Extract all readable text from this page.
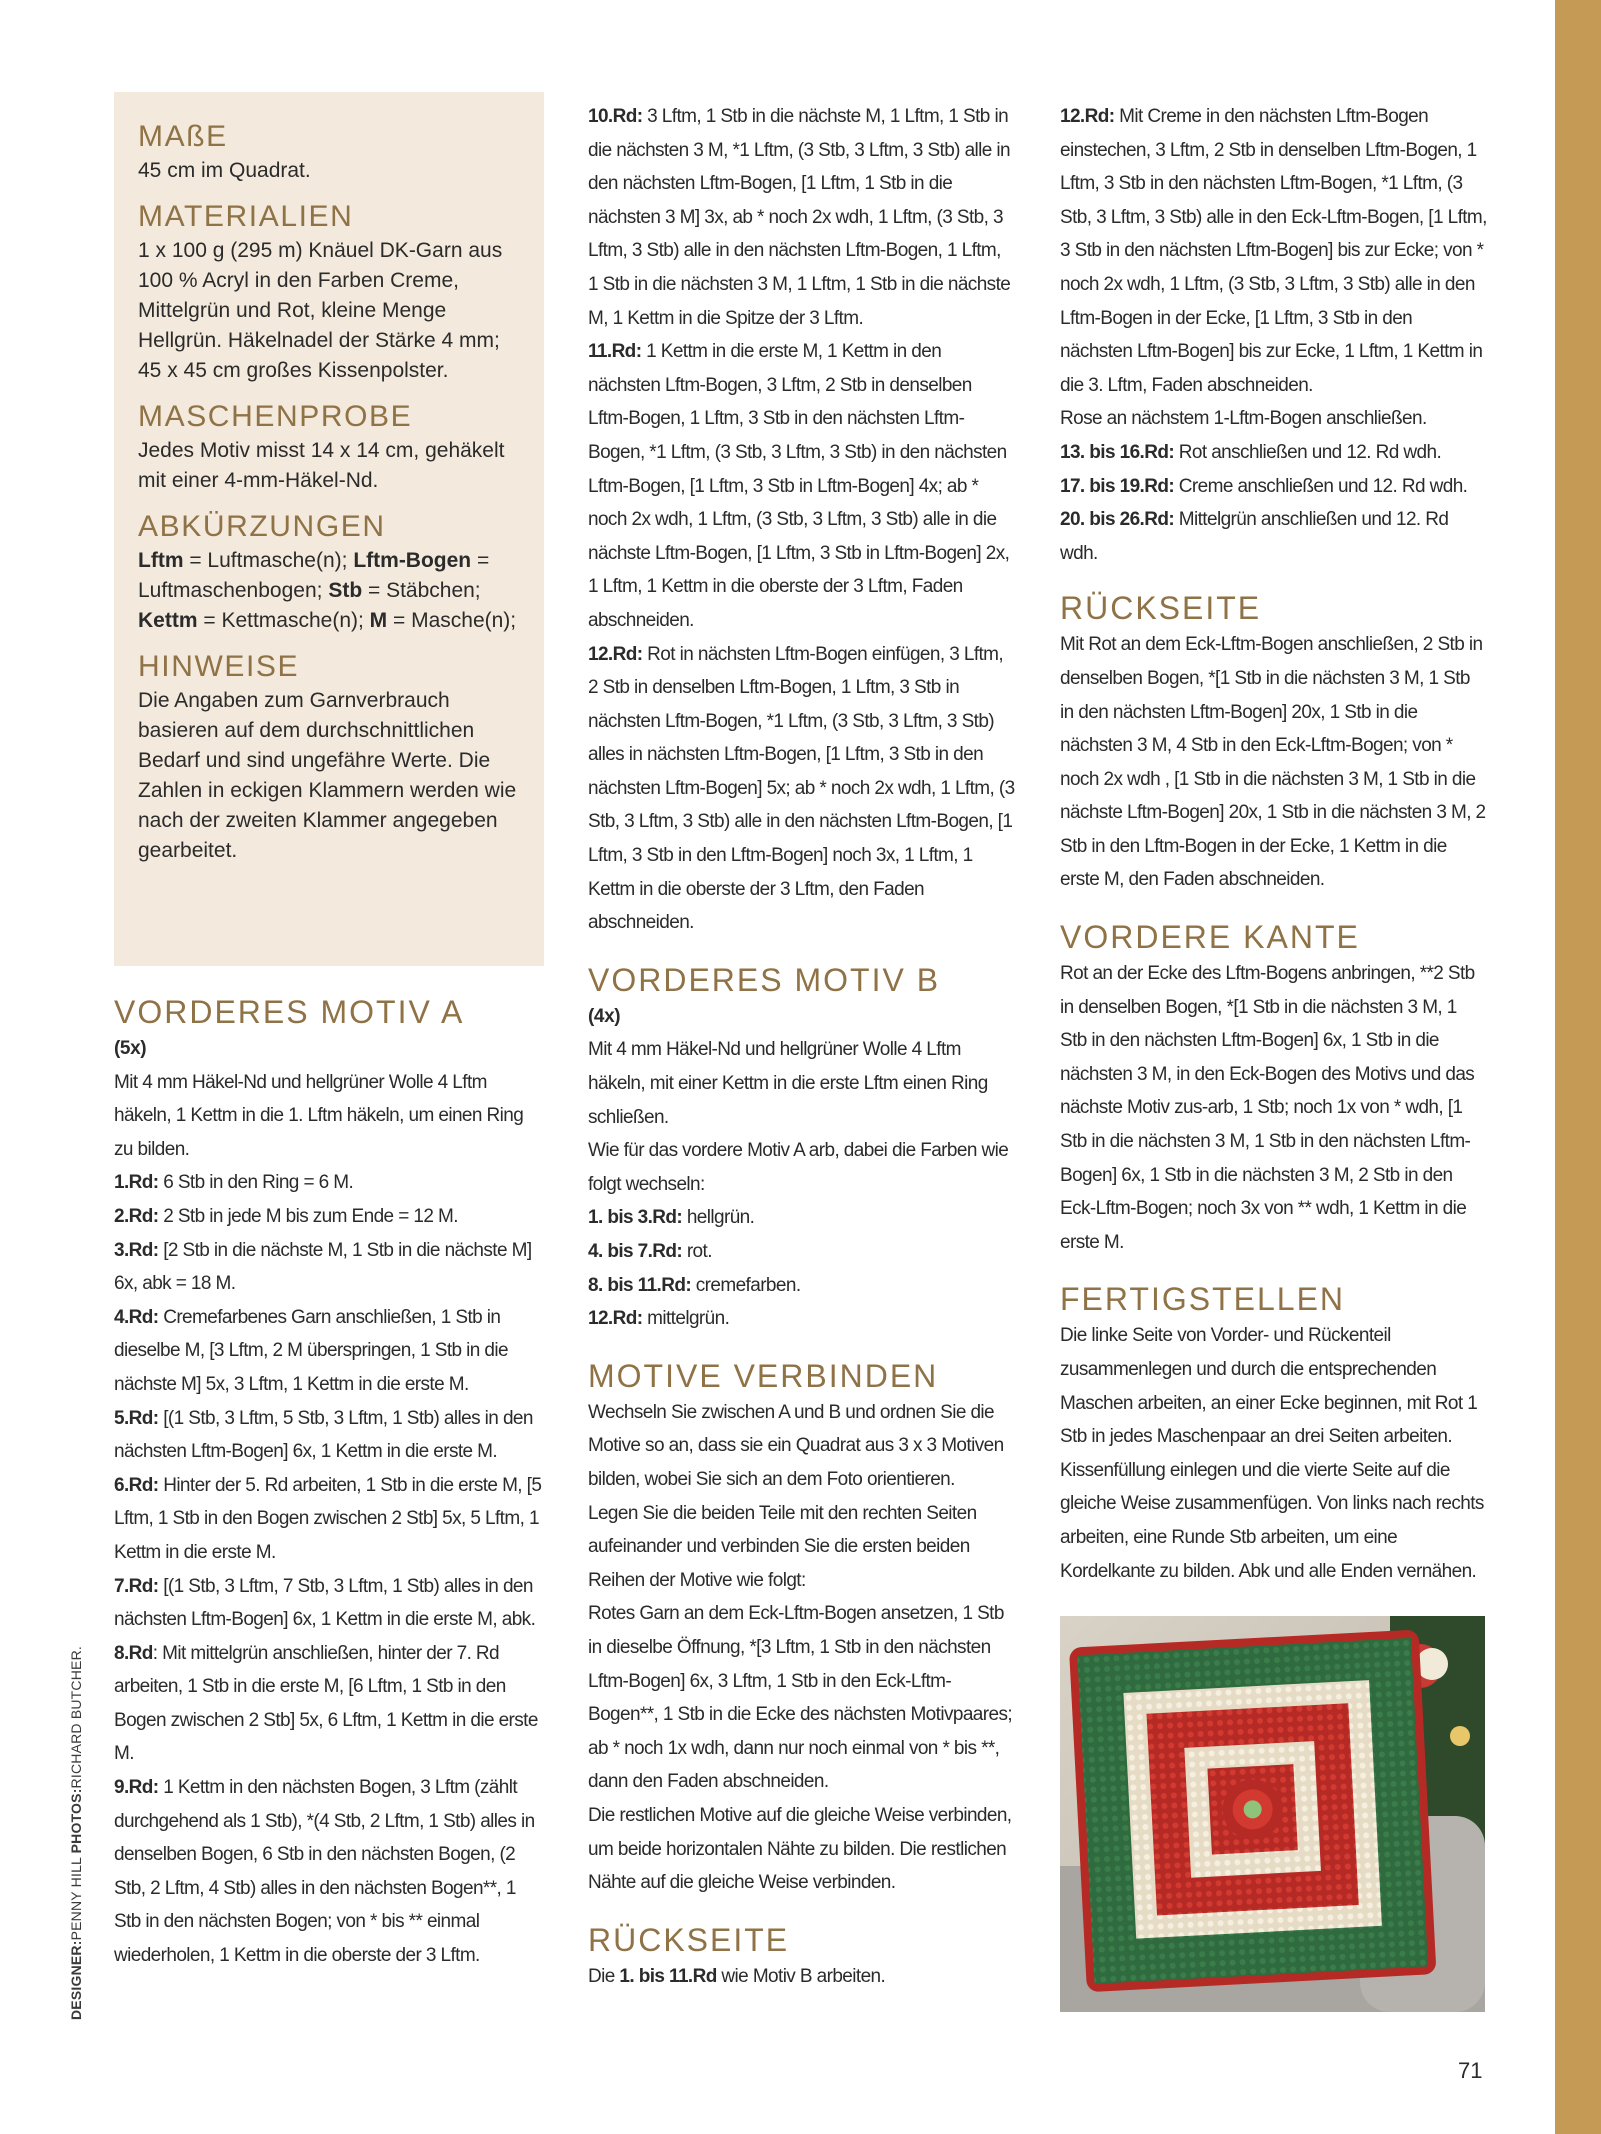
DESIGNER:PENNY HILL PHOTOS:RICHARD BUTCHER.
MAßE

45 cm im Quadrat.

MATERIALIEN

1 x 100 g (295 m) Knäuel DK-Garn aus 100 % Acryl in den Farben Creme, Mittelgrün und Rot, kleine Menge Hellgrün. Häkelnadel der Stärke 4 mm; 45 x 45 cm großes Kissenpolster.

MASCHENPROBE

Jedes Motiv misst 14 x 14 cm, gehäkelt mit einer 4-mm-Häkel-Nd.

ABKÜRZUNGEN

Lftm = Luftmasche(n); Lftm-Bogen = Luftmaschenbogen; Stb = Stäbchen; Kettm = Kettmasche(n); M = Masche(n);

HINWEISE

Die Angaben zum Garnverbrauch basieren auf dem durchschnittlichen Bedarf und sind ungefähre Werte. Die Zahlen in eckigen Klammern werden wie nach der zweiten Klammer angegeben gearbeitet.

VORDERES MOTIV A

(5x)

Mit 4 mm Häkel-Nd und hellgrüner Wolle 4 Lftm häkeln, 1 Kettm in die 1. Lftm häkeln, um einen Ring zu bilden.

1.Rd: 6 Stb in den Ring = 6 M.

2.Rd: 2 Stb in jede M bis zum Ende = 12 M.

3.Rd: [2 Stb in die nächste M, 1 Stb in die nächste M] 6x, abk = 18 M.

4.Rd: Cremefarbenes Garn anschließen, 1 Stb in dieselbe M, [3 Lftm, 2 M überspringen, 1 Stb in die nächste M] 5x, 3 Lftm, 1 Kettm in die erste M.

5.Rd: [(1 Stb, 3 Lftm, 5 Stb, 3 Lftm, 1 Stb) alles in den nächsten Lftm-Bogen] 6x, 1 Kettm in die erste M.

6.Rd: Hinter der 5. Rd arbeiten, 1 Stb in die erste M, [5 Lftm, 1 Stb in den Bogen zwischen 2 Stb] 5x, 5 Lftm, 1 Kettm in die erste M.

7.Rd: [(1 Stb, 3 Lftm, 7 Stb, 3 Lftm, 1 Stb) alles in den nächsten Lftm-Bogen] 6x, 1 Kettm in die erste M, abk.

8.Rd: Mit mittelgrün anschließen, hinter der 7. Rd arbeiten, 1 Stb in die erste M, [6 Lftm, 1 Stb in den Bogen zwischen 2 Stb] 5x, 6 Lftm, 1 Kettm in die erste M.

9.Rd: 1 Kettm in den nächsten Bogen, 3 Lftm (zählt durchgehend als 1 Stb), *(4 Stb, 2 Lftm, 1 Stb) alles in denselben Bogen, 6 Stb in den nächsten Bogen, (2 Stb, 2 Lftm, 4 Stb) alles in den nächsten Bogen**, 1 Stb in den nächsten Bogen; von * bis ** einmal wiederholen, 1 Kettm in die oberste der 3 Lftm.

10.Rd: 3 Lftm, 1 Stb in die nächste M, 1 Lftm, 1 Stb in die nächsten 3 M, *1 Lftm, (3 Stb, 3 Lftm, 3 Stb) alle in den nächsten Lftm-Bogen, [1 Lftm, 1 Stb in die nächsten 3 M] 3x, ab * noch 2x wdh, 1 Lftm, (3 Stb, 3 Lftm, 3 Stb) alle in den nächsten Lftm-Bogen, 1 Lftm, 1 Stb in die nächsten 3 M, 1 Lftm, 1 Stb in die nächste M, 1 Kettm in die Spitze der 3 Lftm.

11.Rd: 1 Kettm in die erste M, 1 Kettm in den nächsten Lftm-Bogen, 3 Lftm, 2 Stb in denselben Lftm-Bogen, 1 Lftm, 3 Stb in den nächsten Lftm-Bogen, *1 Lftm, (3 Stb, 3 Lftm, 3 Stb) in den nächsten Lftm-Bogen, [1 Lftm, 3 Stb in Lftm-Bogen] 4x; ab * noch 2x wdh, 1 Lftm, (3 Stb, 3 Lftm, 3 Stb) alle in die nächste Lftm-Bogen, [1 Lftm, 3 Stb in Lftm-Bogen] 2x, 1 Lftm, 1 Kettm in die oberste der 3 Lftm, Faden abschneiden.

12.Rd: Rot in nächsten Lftm-Bogen einfügen, 3 Lftm, 2 Stb in denselben Lftm-Bogen, 1 Lftm, 3 Stb in nächsten Lftm-Bogen, *1 Lftm, (3 Stb, 3 Lftm, 3 Stb) alles in nächsten Lftm-Bogen, [1 Lftm, 3 Stb in den nächsten Lftm-Bogen] 5x; ab * noch 2x wdh, 1 Lftm, (3 Stb, 3 Lftm, 3 Stb) alle in den nächsten Lftm-Bogen, [1 Lftm, 3 Stb in den Lftm-Bogen] noch 3x, 1 Lftm, 1 Kettm in die oberste der 3 Lftm, den Faden abschneiden.

VORDERES MOTIV B

(4x)

Mit 4 mm Häkel-Nd und hellgrüner Wolle 4 Lftm häkeln, mit einer Kettm in die erste Lftm einen Ring schließen.

Wie für das vordere Motiv A arb, dabei die Farben wie folgt wechseln:

1. bis 3.Rd: hellgrün.

4. bis 7.Rd: rot.

8. bis 11.Rd: cremefarben.

12.Rd: mittelgrün.

MOTIVE VERBINDEN

Wechseln Sie zwischen A und B und ordnen Sie die Motive so an, dass sie ein Quadrat aus 3 x 3 Motiven bilden, wobei Sie sich an dem Foto orientieren.

Legen Sie die beiden Teile mit den rechten Seiten aufeinander und verbinden Sie die ersten beiden Reihen der Motive wie folgt:

Rotes Garn an dem Eck-Lftm-Bogen ansetzen, 1 Stb in dieselbe Öffnung, *[3 Lftm, 1 Stb in den nächsten Lftm-Bogen] 6x, 3 Lftm, 1 Stb in den Eck-Lftm-Bogen**, 1 Stb in die Ecke des nächsten Motivpaares; ab * noch 1x wdh, dann nur noch einmal von * bis **, dann den Faden abschneiden.

Die restlichen Motive auf die gleiche Weise verbinden, um beide horizontalen Nähte zu bilden. Die restlichen Nähte auf die gleiche Weise verbinden.

RÜCKSEITE

Die 1. bis 11.Rd wie Motiv B arbeiten.

12.Rd: Mit Creme in den nächsten Lftm-Bogen einstechen, 3 Lftm, 2 Stb in denselben Lftm-Bogen, 1 Lftm, 3 Stb in den nächsten Lftm-Bogen, *1 Lftm, (3 Stb, 3 Lftm, 3 Stb) alle in den Eck-Lftm-Bogen, [1 Lftm, 3 Stb in den nächsten Lftm-Bogen] bis zur Ecke; von * noch 2x wdh, 1 Lftm, (3 Stb, 3 Lftm, 3 Stb) alle in den Lftm-Bogen in der Ecke, [1 Lftm, 3 Stb in den nächsten Lftm-Bogen] bis zur Ecke, 1 Lftm, 1 Kettm in die 3. Lftm, Faden abschneiden.

Rose an nächstem 1-Lftm-Bogen anschließen.

13. bis 16.Rd: Rot anschließen und 12. Rd wdh.

17. bis 19.Rd: Creme anschließen und 12. Rd wdh.

20. bis 26.Rd: Mittelgrün anschließen und 12. Rd wdh.

RÜCKSEITE

Mit Rot an dem Eck-Lftm-Bogen anschließen, 2 Stb in denselben Bogen, *[1 Stb in die nächsten 3 M, 1 Stb in den nächsten Lftm-Bogen] 20x, 1 Stb in die nächsten 3 M, 4 Stb in den Eck-Lftm-Bogen; von * noch 2x wdh , [1 Stb in die nächsten 3 M, 1 Stb in die nächste Lftm-Bogen] 20x, 1 Stb in die nächsten 3 M, 2 Stb in den Lftm-Bogen in der Ecke, 1 Kettm in die erste M, den Faden abschneiden.

VORDERE KANTE

Rot an der Ecke des Lftm-Bogens anbringen, **2 Stb in denselben Bogen, *[1 Stb in die nächsten 3 M, 1 Stb in den nächsten Lftm-Bogen] 6x, 1 Stb in die nächsten 3 M, in den Eck-Bogen des Motivs und das nächste Motiv zus-arb, 1 Stb; noch 1x von * wdh, [1 Stb in die nächsten 3 M, 1 Stb in den nächsten Lftm-Bogen] 6x, 1 Stb in die nächsten 3 M, 2 Stb in den Eck-Lftm-Bogen; noch 3x von ** wdh, 1 Kettm in die erste M.

FERTIGSTELLEN

Die linke Seite von Vorder- und Rückenteil zusammenlegen und durch die entsprechenden Maschen arbeiten, an einer Ecke beginnen, mit Rot 1 Stb in jedes Maschenpaar an drei Seiten arbeiten. Kissenfüllung einlegen und die vierte Seite auf die gleiche Weise zusammenfügen. Von links nach rechts arbeiten, eine Runde Stb arbeiten, um eine Kordelkante zu bilden. Abk und alle Enden vernähen.

71
